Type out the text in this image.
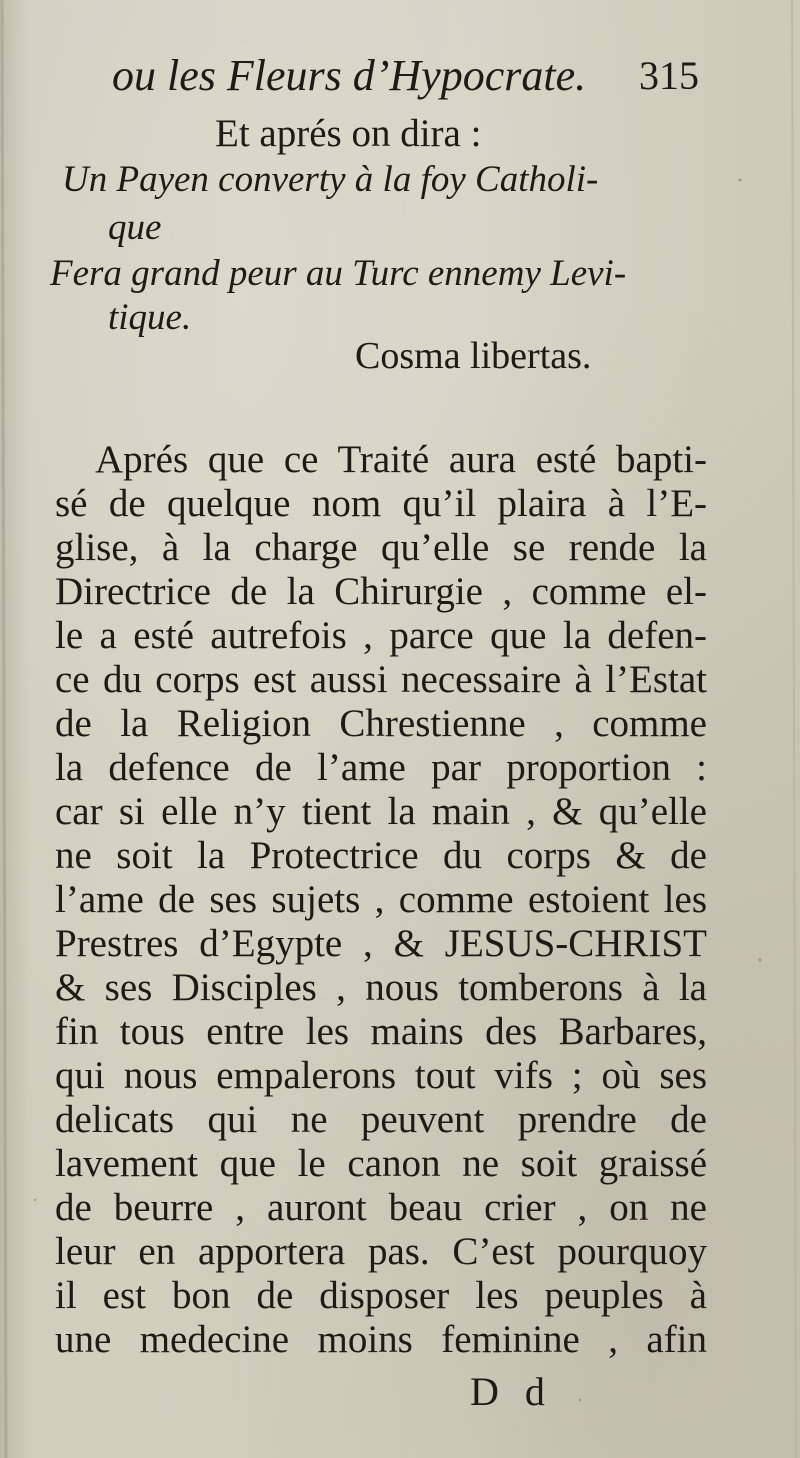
ou les Fleurs d’Hypocrate. 315
Et aprés on dira :
Un Payen converty à la foy Catholi-
que
Fera grand peur au Turc ennemy Levi-
tique.
Cosma libertas.
Aprés que ce Traité aura esté bapti-
sé de quelque nom qu’il plaira à l’E-
glise, à la charge qu’elle se rende la
Directrice de la Chirurgie , comme el-
le a esté autrefois , parce que la defen-
ce du corps est aussi necessaire à l’Estat
de la Religion Chrestienne , comme
la defence de l’ame par proportion :
car si elle n’y tient la main , & qu’elle
ne soit la Protectrice du corps & de
l’ame de ses sujets , comme estoient les
Prestres d’Egypte , & JESUS-CHRIST
& ses Disciples , nous tomberons à la
fin tous entre les mains des Barbares,
qui nous empalerons tout vifs ; où ses
delicats qui ne peuvent prendre de
lavement que le canon ne soit graissé
de beurre , auront beau crier , on ne
leur en apportera pas. C’est pourquoy
il est bon de disposer les peuples à
une medecine moins feminine , afin
D d
